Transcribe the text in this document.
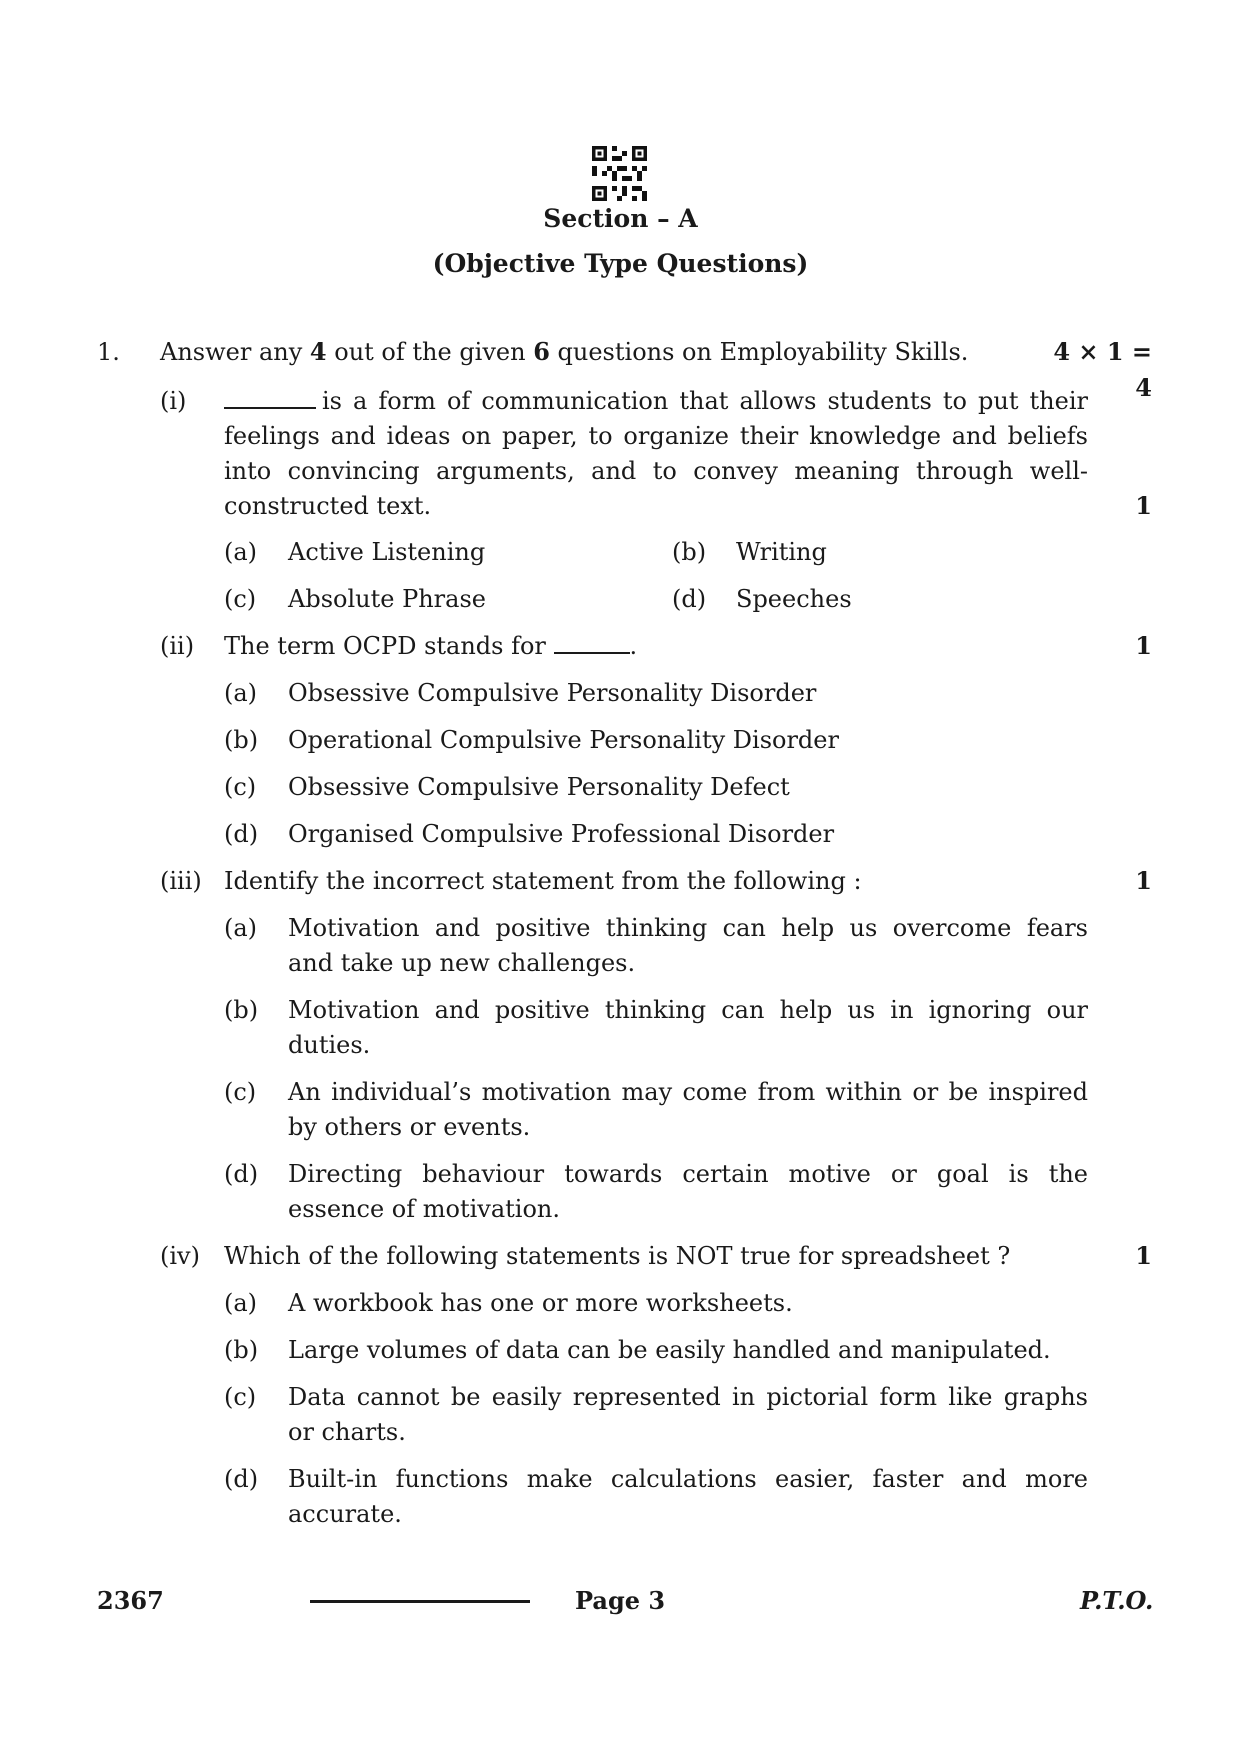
Section – A
(Objective Type Questions)
1. Answer any 4 out of the given 6 questions on Employability Skills.	4 × 1 = 4
(i)	is a form of communication that allows students to put their
feelings and ideas on paper, to organize their knowledge and beliefs
into convincing arguments, and to convey meaning through well-
constructed text.	1
(a)	Active Listening	(b)	Writing
(c)	Absolute Phrase	(d)	Speeches
(ii)	The term OCPD stands for	.	1
(a)	Obsessive Compulsive Personality Disorder
(b)	Operational Compulsive Personality Disorder
(c)	Obsessive Compulsive Personality Defect
(d)	Organised Compulsive Professional Disorder
(iii) Identify the incorrect statement from the following :	1
(a)	Motivation and positive thinking can help us overcome fears
and take up new challenges.
(b)	Motivation and positive thinking can help us in ignoring our
duties.
(c)	An individual’s motivation may come from within or be inspired
by others or events.
(d)	Directing behaviour towards certain motive or goal is the
essence of motivation.
(iv)	Which of the following statements is NOT true for spreadsheet ?	1
(a)	A workbook has one or more worksheets.
(b)	Large volumes of data can be easily handled and manipulated.
(c)	Data cannot be easily represented in pictorial form like graphs
or charts.
(d)	Built-in functions make calculations easier, faster and more
accurate.
2367	Page 3	P.T.O.
